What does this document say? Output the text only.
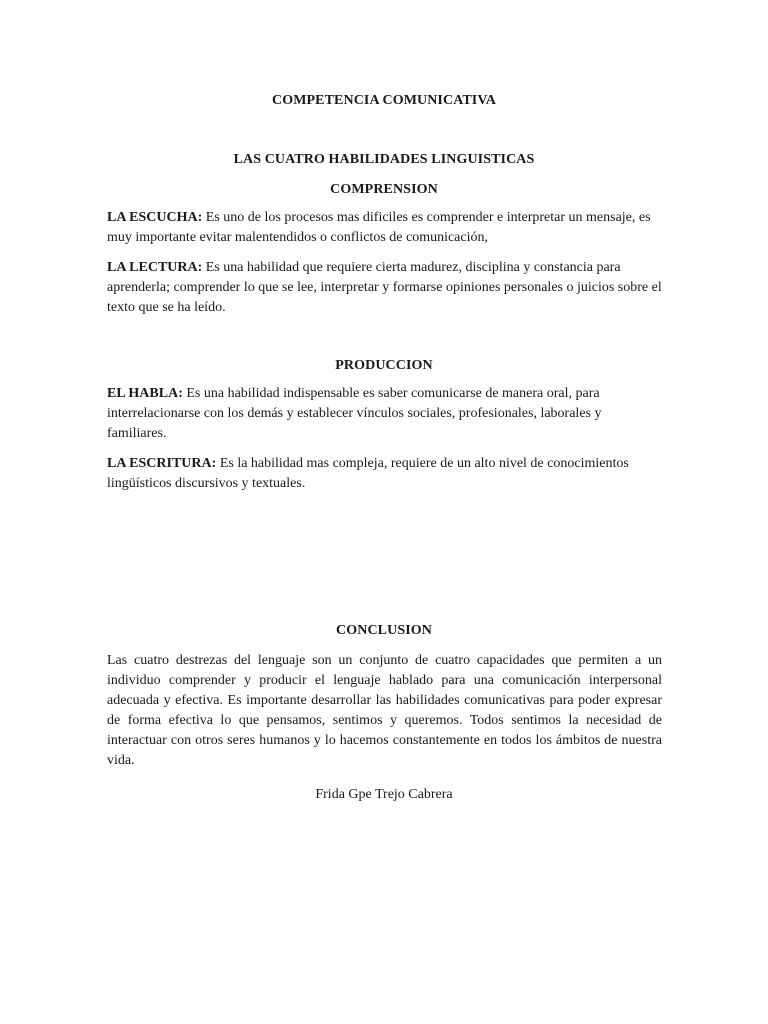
COMPETENCIA COMUNICATIVA
LAS CUATRO HABILIDADES LINGUISTICAS
COMPRENSION

LA ESCUCHA: Es uno de los procesos mas dificiles es comprender e interpretar un mensaje, es muy importante evitar malentendidos o conflictos de comunicación,

LA LECTURA: Es una habilidad que requiere cierta madurez, disciplina y constancia para aprenderla; comprender lo que se lee, interpretar y formarse opiniones personales o juicios sobre el texto que se ha leído.

PRODUCCION

EL HABLA: Es una habilidad indispensable es saber comunicarse de manera oral, para interrelacionarse con los demás y establecer vínculos sociales, profesionales, laborales y familiares.

LA ESCRITURA: Es la habilidad mas compleja, requiere de un alto nivel de conocimientos lingüísticos discursivos y textuales.

CONCLUSION

Las cuatro destrezas del lenguaje son un conjunto de cuatro capacidades que permiten a un individuo comprender y producir el lenguaje hablado para una comunicación interpersonal adecuada y efectiva. Es importante desarrollar las habilidades comunicativas para poder expresar de forma efectiva lo que pensamos, sentimos y queremos. Todos sentimos la necesidad de interactuar con otros seres humanos y lo hacemos constantemente en todos los ámbitos de nuestra vida.

Frida Gpe Trejo Cabrera
